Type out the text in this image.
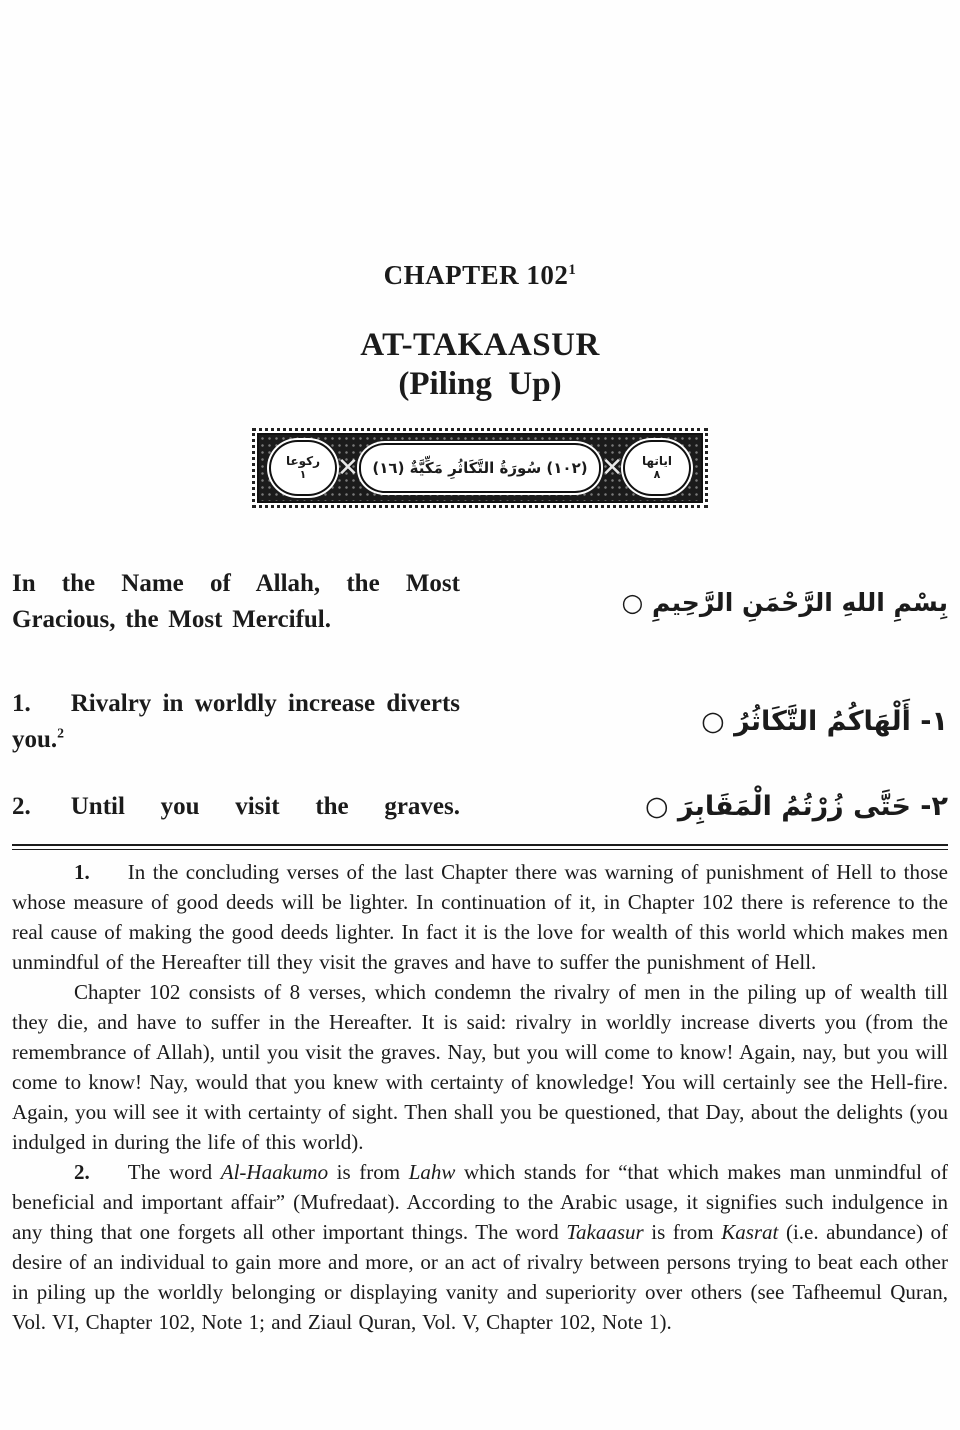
CHAPTER $102^1$
AT-TAKAASUR
(Piling Up)
ركوعا
١ ✕ (١٠٢) سُورَةُ التَّكَاثُرِ مَكِّيَّةٌ (١٦) ✕ اياتها
٨

In the Name of Allah, the Most Gracious, the Most Merciful.

بِسْمِ اللهِ الرَّحْمَنِ الرَّحِيمِ ○

1. Rivalry in worldly increase diverts you.$^2$	١- أَلْهَاكُمُ التَّكَاثُرُ ○

2. Until you visit the graves.	٢- حَتَّى زُرْتُمُ الْمَقَابِرَ ○

1. In the concluding verses of the last Chapter there was warning of punishment of Hell to those whose measure of good deeds will be lighter. In continuation of it, in Chapter 102 there is reference to the real cause of making the good deeds lighter. In fact it is the love for wealth of this world which makes men unmindful of the Hereafter till they visit the graves and have to suffer the punishment of Hell.

Chapter 102 consists of 8 verses, which condemn the rivalry of men in the piling up of wealth till they die, and have to suffer in the Hereafter. It is said: rivalry in worldly increase diverts you (from the remembrance of Allah), until you visit the graves. Nay, but you will come to know! Again, nay, but you will come to know! Nay, would that you knew with certainty of knowledge! You will certainly see the Hell-fire. Again, you will see it with certainty of sight. Then shall you be questioned, that Day, about the delights (you indulged in during the life of this world).

2. The word Al-Haakumo is from Lahw which stands for “that which makes man unmindful of beneficial and important affair” (Mufredaat). According to the Arabic usage, it signifies such indulgence in any thing that one forgets all other important things. The word Takaasur is from Kasrat (i.e. abundance) of desire of an individual to gain more and more, or an act of rivalry between persons trying to beat each other in piling up the worldly belonging or displaying vanity and superiority over others (see Tafheemul Quran, Vol. VI, Chapter 102, Note 1; and Ziaul Quran, Vol. V, Chapter 102, Note 1).
